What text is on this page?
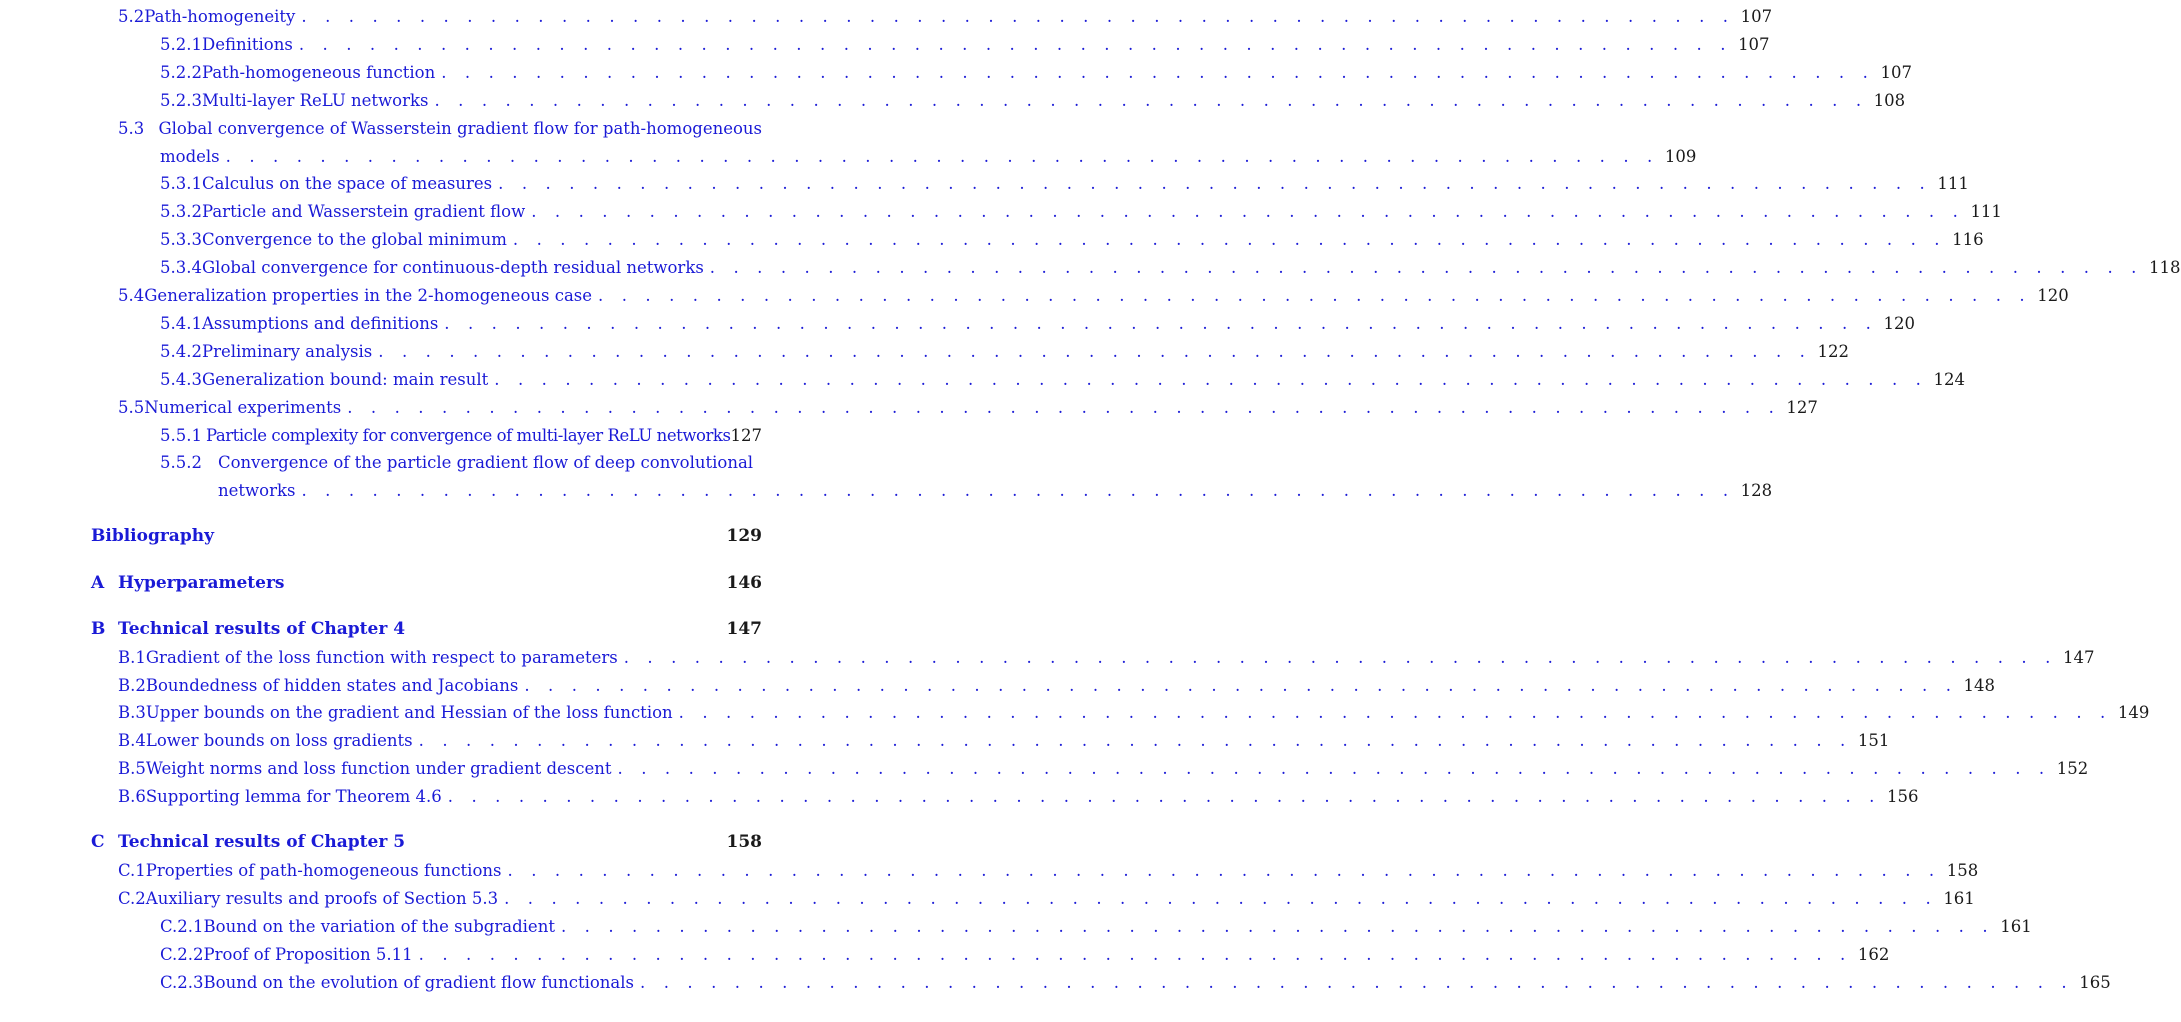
5.2 Path-homogeneity . . . . . . . . . . . . . . . . . . . . . . . . . . . . . . . . . . . . . . . . . . . . . . . . . . . . . . . . . . . . . 107
5.2.1 Definitions . . . . . . . . . . . . . . . . . . . . . . . . . . . . . . . . . . . . . . . . . . . . . . . . . . . . . . . . . . . . . 107
5.2.2 Path-homogeneous function . . . . . . . . . . . . . . . . . . . . . . . . . . . . . . . . . . . . . . . . . . . . . . . . . . . . . . . . . . . . . 107
5.2.3 Multi-layer ReLU networks . . . . . . . . . . . . . . . . . . . . . . . . . . . . . . . . . . . . . . . . . . . . . . . . . . . . . . . . . . . . . 108
5.3 Global convergence of Wasserstein gradient flow for path-homogeneous
models . . . . . . . . . . . . . . . . . . . . . . . . . . . . . . . . . . . . . . . . . . . . . . . . . . . . . . . . . . . . . 109
5.3.1 Calculus on the space of measures . . . . . . . . . . . . . . . . . . . . . . . . . . . . . . . . . . . . . . . . . . . . . . . . . . . . . . . . . . . . . 111
5.3.2 Particle and Wasserstein gradient flow . . . . . . . . . . . . . . . . . . . . . . . . . . . . . . . . . . . . . . . . . . . . . . . . . . . . . . . . . . . . . 111
5.3.3 Convergence to the global minimum . . . . . . . . . . . . . . . . . . . . . . . . . . . . . . . . . . . . . . . . . . . . . . . . . . . . . . . . . . . . . 116
5.3.4 Global convergence for continuous-depth residual networks . . . . . . . . . . . . . . . . . . . . . . . . . . . . . . . . . . . . . . . . . . . . . . . . . . . . . . . . . . . . . 118
5.4 Generalization properties in the 2-homogeneous case . . . . . . . . . . . . . . . . . . . . . . . . . . . . . . . . . . . . . . . . . . . . . . . . . . . . . . . . . . . . . 120
5.4.1 Assumptions and definitions . . . . . . . . . . . . . . . . . . . . . . . . . . . . . . . . . . . . . . . . . . . . . . . . . . . . . . . . . . . . . 120
5.4.2 Preliminary analysis . . . . . . . . . . . . . . . . . . . . . . . . . . . . . . . . . . . . . . . . . . . . . . . . . . . . . . . . . . . . . 122
5.4.3 Generalization bound: main result . . . . . . . . . . . . . . . . . . . . . . . . . . . . . . . . . . . . . . . . . . . . . . . . . . . . . . . . . . . . . 124
5.5 Numerical experiments . . . . . . . . . . . . . . . . . . . . . . . . . . . . . . . . . . . . . . . . . . . . . . . . . . . . . . . . . . . . . 127
5.5.1 Particle complexity for convergence of multi-layer ReLU networks 127
5.5.2 Convergence of the particle gradient flow of deep convolutional
networks . . . . . . . . . . . . . . . . . . . . . . . . . . . . . . . . . . . . . . . . . . . . . . . . . . . . . . . . . . . . . 128
Bibliography	129
A Hyperparameters	146
B Technical results of Chapter 4	147
B.1 Gradient of the loss function with respect to parameters . . . . . . . . . . . . . . . . . . . . . . . . . . . . . . . . . . . . . . . . . . . . . . . . . . . . . . . . . . . . . 147
B.2 Boundedness of hidden states and Jacobians . . . . . . . . . . . . . . . . . . . . . . . . . . . . . . . . . . . . . . . . . . . . . . . . . . . . . . . . . . . . . 148
B.3 Upper bounds on the gradient and Hessian of the loss function . . . . . . . . . . . . . . . . . . . . . . . . . . . . . . . . . . . . . . . . . . . . . . . . . . . . . . . . . . . . . 149
B.4 Lower bounds on loss gradients . . . . . . . . . . . . . . . . . . . . . . . . . . . . . . . . . . . . . . . . . . . . . . . . . . . . . . . . . . . . . 151
B.5 Weight norms and loss function under gradient descent . . . . . . . . . . . . . . . . . . . . . . . . . . . . . . . . . . . . . . . . . . . . . . . . . . . . . . . . . . . . . 152
B.6 Supporting lemma for Theorem 4.6 . . . . . . . . . . . . . . . . . . . . . . . . . . . . . . . . . . . . . . . . . . . . . . . . . . . . . . . . . . . . . 156
C Technical results of Chapter 5	158
C.1 Properties of path-homogeneous functions . . . . . . . . . . . . . . . . . . . . . . . . . . . . . . . . . . . . . . . . . . . . . . . . . . . . . . . . . . . . . 158
C.2 Auxiliary results and proofs of Section 5.3 . . . . . . . . . . . . . . . . . . . . . . . . . . . . . . . . . . . . . . . . . . . . . . . . . . . . . . . . . . . . . 161
C.2.1 Bound on the variation of the subgradient . . . . . . . . . . . . . . . . . . . . . . . . . . . . . . . . . . . . . . . . . . . . . . . . . . . . . . . . . . . . . 161
C.2.2 Proof of Proposition 5.11 . . . . . . . . . . . . . . . . . . . . . . . . . . . . . . . . . . . . . . . . . . . . . . . . . . . . . . . . . . . . . 162
C.2.3 Bound on the evolution of gradient flow functionals . . . . . . . . . . . . . . . . . . . . . . . . . . . . . . . . . . . . . . . . . . . . . . . . . . . . . . . . . . . . . 165
